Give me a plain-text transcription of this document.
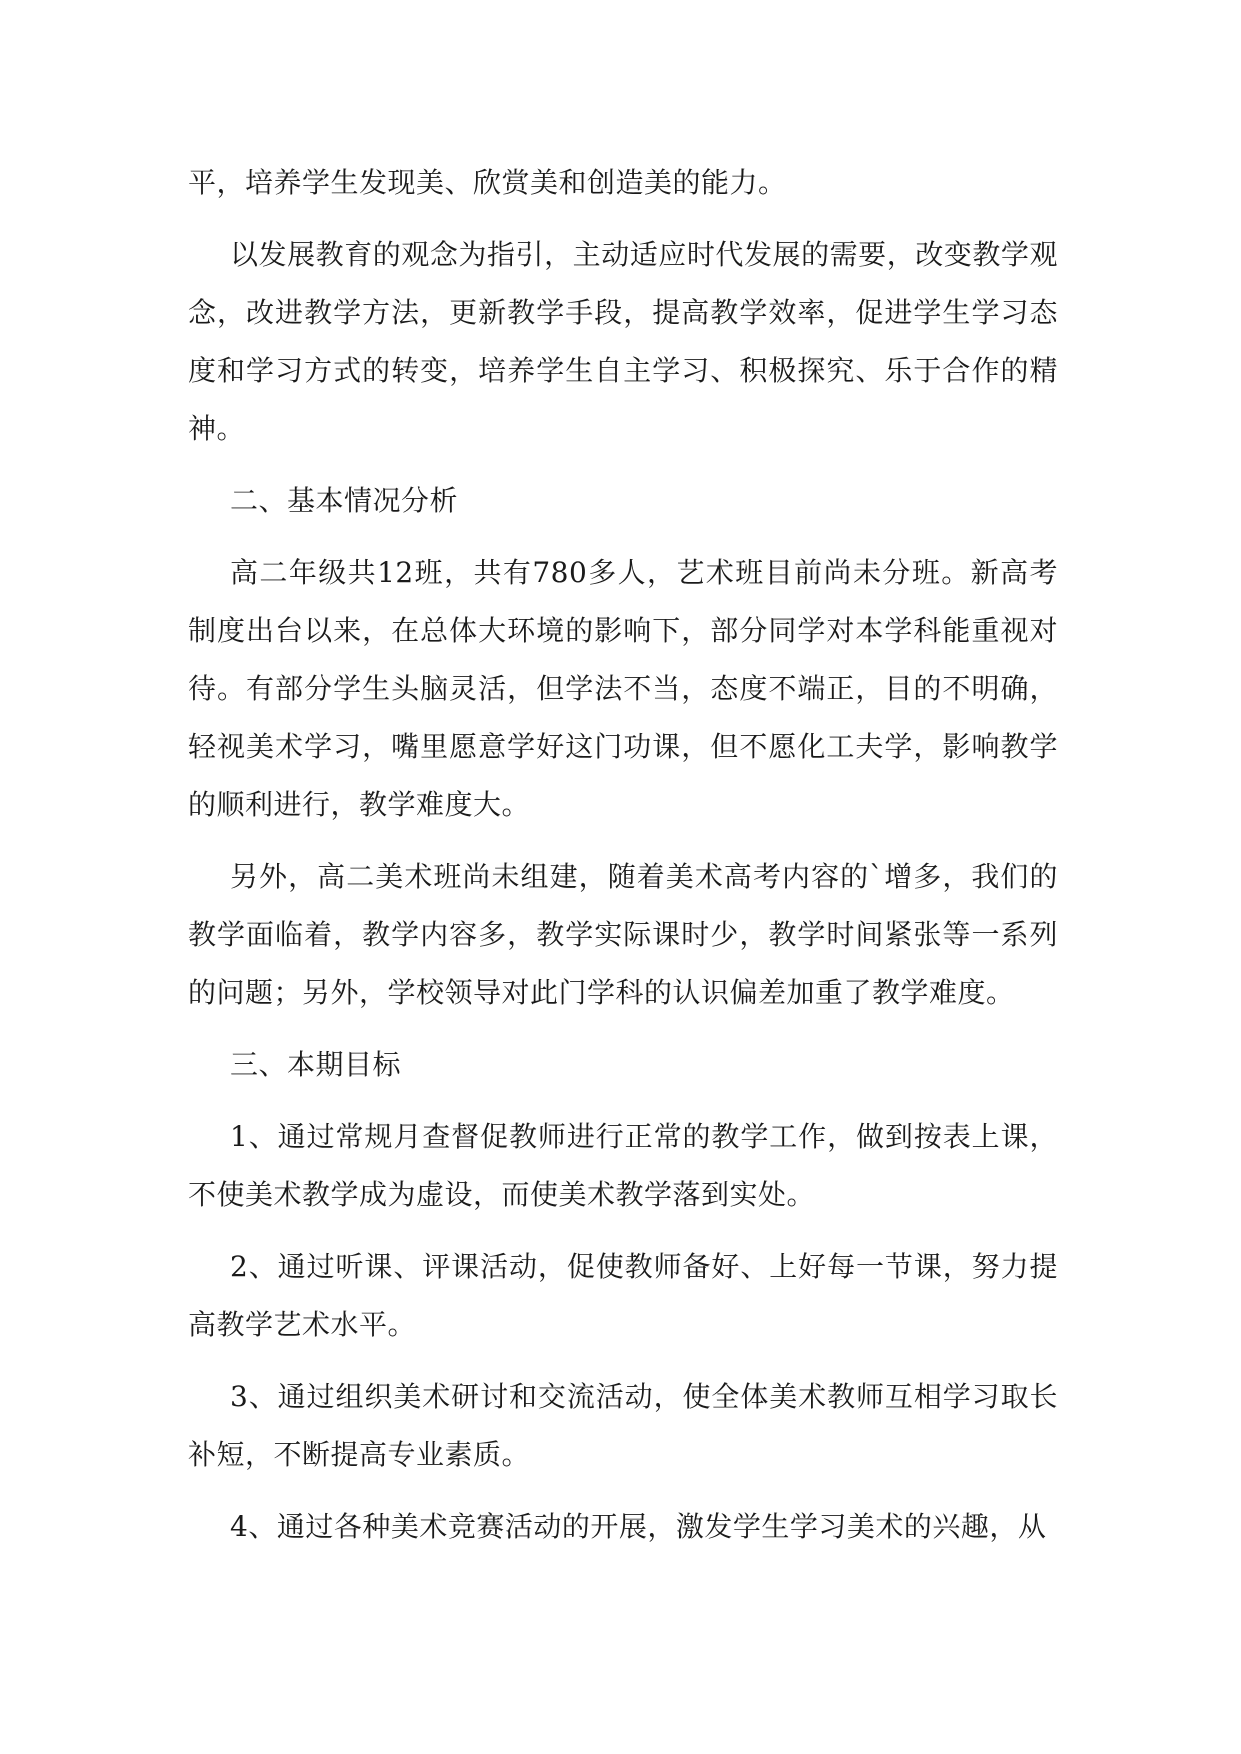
平，培养学生发现美、欣赏美和创造美的能力。

以发展教育的观念为指引，主动适应时代发展的需要，改变教学观念，改进教学方法，更新教学手段，提高教学效率，促进学生学习态度和学习方式的转变，培养学生自主学习、积极探究、乐于合作的精神。

二、基本情况分析

高二年级共12班，共有780多人，艺术班目前尚未分班。新高考制度出台以来，在总体大环境的影响下，部分同学对本学科能重视对待。有部分学生头脑灵活，但学法不当，态度不端正，目的不明确，轻视美术学习，嘴里愿意学好这门功课，但不愿化工夫学，影响教学的顺利进行，教学难度大。

另外，高二美术班尚未组建，随着美术高考内容的`增多，我们的教学面临着，教学内容多，教学实际课时少，教学时间紧张等一系列的问题；另外，学校领导对此门学科的认识偏差加重了教学难度。

三、本期目标

1、通过常规月查督促教师进行正常的教学工作，做到按表上课，不使美术教学成为虚设，而使美术教学落到实处。

2、通过听课、评课活动，促使教师备好、上好每一节课，努力提高教学艺术水平。

3、通过组织美术研讨和交流活动，使全体美术教师互相学习取长补短，不断提高专业素质。

4、通过各种美术竞赛活动的开展，激发学生学习美术的兴趣，从
